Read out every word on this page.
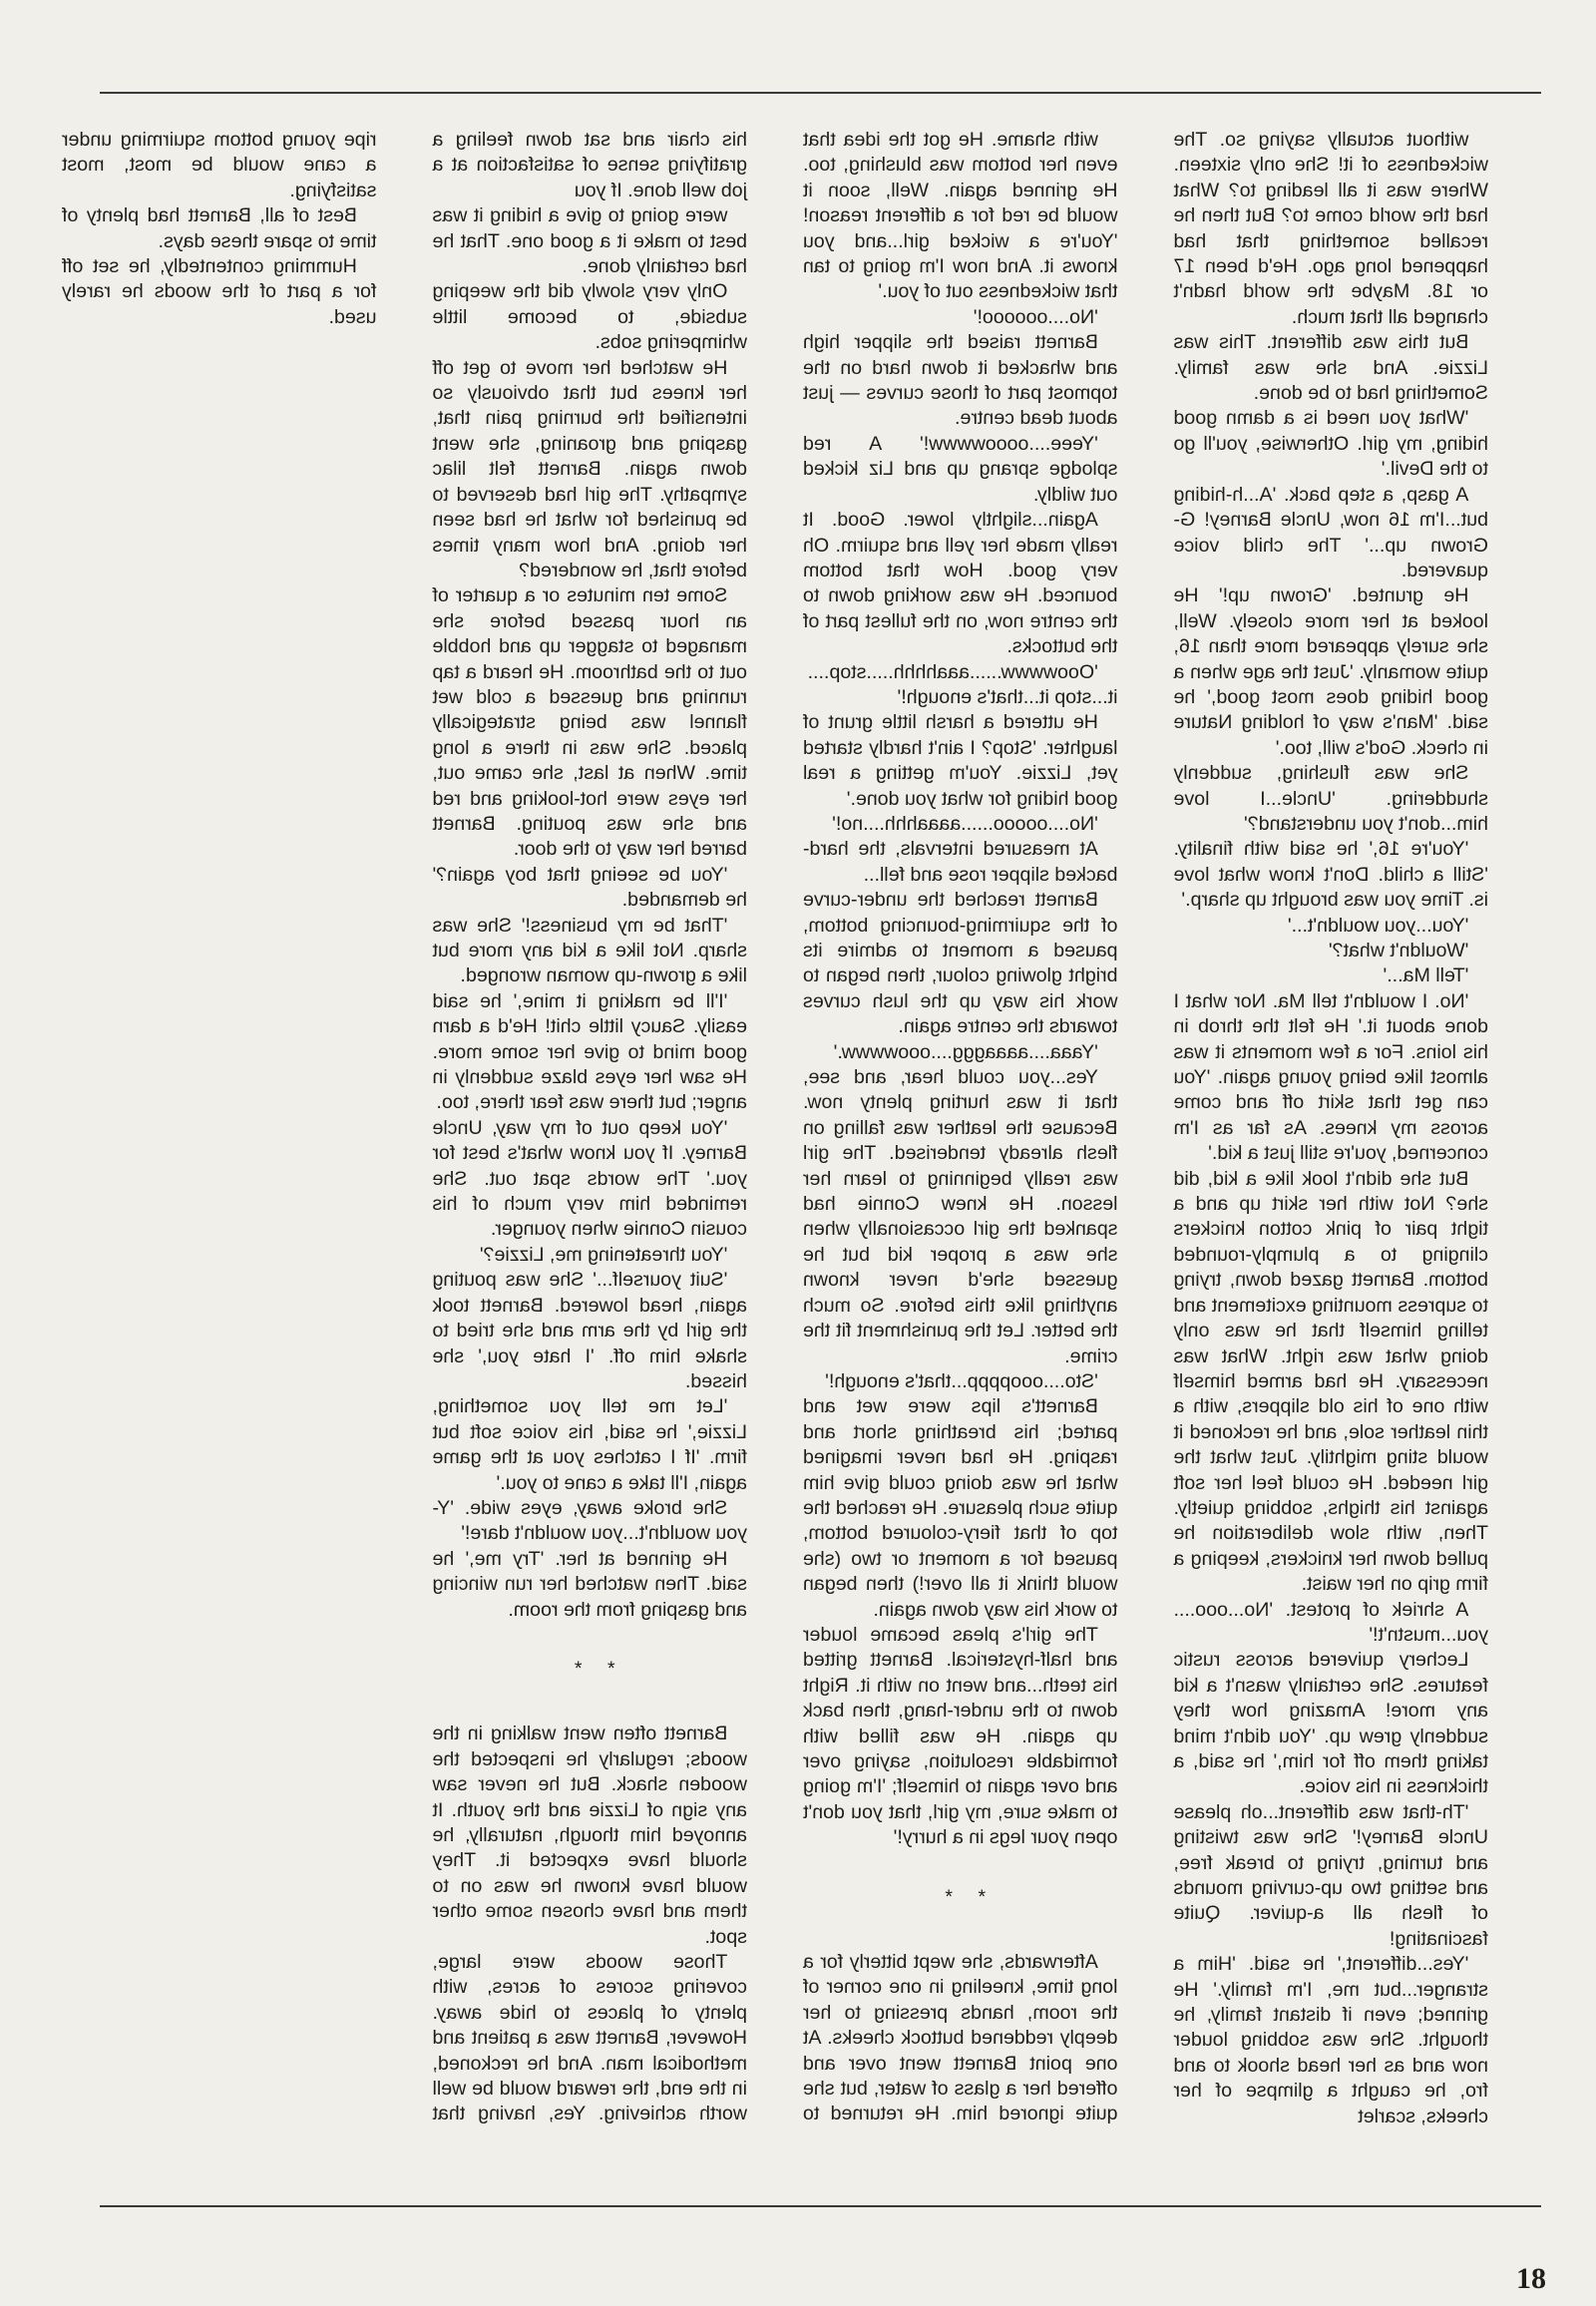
without actually saying so. The wickedness of it! She only sixteen. Where was it all leading to? What had the world come to? But then he recalled something that had happened long ago. He'd been 17 or 18. Maybe the world hadn't changed all that much.

But this was different. This was Lizzie. And she was family. Something had to be done.

'What you need is a damn good hiding, my girl. Otherwise, you'll go to the Devil.'

A gasp, a step back. 'A...h-hiding but...I'm 16 now, Uncle Barney! G-Grown up...' The child voice quavered.

He grunted. 'Grown up!' He looked at her more closely. Well, she surely appeared more than 16, quite womanly. 'Just the age when a good hiding does most good,' he said. 'Man's way of holding Nature in check. God's will, too.'

She was flushing, suddenly shuddering. 'Uncle...I love him...don't you understand?'

'You're 16,' he said with finality. 'Still a child. Don't know what love is. Time you was brought up sharp.'

'You...you wouldn't...'

'Wouldn't what?'

'Tell Ma...'

'No. I wouldn't tell Ma. Nor what I done about it.' He felt the throb in his loins. For a few moments it was almost like being young again. 'You can get that skirt off and come across my knees. As far as I'm concerned, you're still just a kid.'

But she didn't look like a kid, did she? Not with her skirt up and a tight pair of pink cotton knickers clinging to a plumply-rounded bottom. Barnett gazed down, trying to supress mounting excitement and telling himself that he was only doing what was right. What was necessary. He had armed himself with one of his old slippers, with a thin leather sole, and he reckoned it would sting mightily. Just what the girl needed. He could feel her soft against his thighs, sobbing quietly. Then, with slow deliberation he pulled down her knickers, keeping a firm grip on her waist.

A shriek of protest. 'No...ooo.... you...mustn't!'

Lechery quivered across rustic features. She certainly wasn't a kid any more! Amazing how they suddenly grew up. 'You didn't mind taking them off for him,' he said, a thickness in his voice.

'Th-that was different...oh please Uncle Barney!' She was twisting and turning, trying to break free, and setting two up-curving mounds of flesh all a-quiver. Quite fascinating!

'Yes...different,' he said. 'Him a stranger...but me, I'm family.' He grinned; even if distant family, he thought. She was sobbing louder now and as her head shook to and fro, he caught a glimpse of her cheeks, scarlet

with shame. He got the idea that even her bottom was blushing, too. He grinned again. Well, soon it would be red for a different reason! 'You're a wicked girl...and you knows it. And now I'm going to tan that wickedness out of you.'

'No....oooooo!'

Barnett raised the slipper high and whacked it down hard on the topmost part of those curves — just about dead centre.

'Yeee....oooowwww!' A red splodge sprang up and Liz kicked out wildly.

Again...slightly lower. Good. It really made her yell and squirm. Oh very good. How that bottom bounced. He was working down to the centre now, on the fullest part of the buttocks.

'Ooowwww......aaahhhh.....stop.... it...stop it...that's enough!'

He uttered a harsh little grunt of laughter. 'Stop? I ain't hardly started yet, Lizzie. You'm getting a real good hiding for what you done.'

'No....ooooo......aaaahhh....no!'

At measured intervals, the hard-backed slipper rose and fell...

Barnett reached the under-curve of the squirming-bouncing bottom, paused a moment to admire its bright glowing colour, then began to work his way up the lush curves towards the centre again.

'Yaaa....aaaaggg....ooowwww.'

Yes...you could hear, and see, that it was hurting plenty now. Because the leather was falling on flesh already tenderised. The girl was really beginning to learn her lesson. He knew Connie had spanked the girl occasionally when she was a proper kid but he guessed she'd never known anything like this before. So much the better. Let the punishment fit the crime.

'Sto....ooopppp...that's enough!'

Barnett's lips were wet and parted; his breathing short and rasping. He had never imagined what he was doing could give him quite such pleasure. He reached the top of that fiery-coloured bottom, paused for a moment or two (she would think it all over!) then began to work his way down again.

The girl's pleas became louder and half-hysterical. Barnett gritted his teeth...and went on with it. Right down to the under-hang, then back up again. He was filled with formidable resolution, saying over and over again to himself; 'I'm going to make sure, my girl, that you don't open your legs in a hurry!'

* *

Afterwards, she wept bitterly for a long time, kneeling in one corner of the room, hands pressing to her deeply reddened buttock cheeks. At one point Barnett went over and offered her a glass of water, but she quite ignored him. He returned to his chair and sat down feeling a gratifying sense of satisfaction at a job well done. If you

were going to give a hiding it was best to make it a good one. That he had certainly done.

Only very slowly did the weeping subside, to become little whimpering sobs.

He watched her move to get off her knees but that obviously so intensified the burning pain that, gasping and groaning, she went down again. Barnett felt lilac sympathy. The girl had deserved to be punished for what he had seen her doing. And how many times before that, he wondered?

Some ten minutes or a quarter of an hour passed before she managed to stagger up and hobble out to the bathroom. He heard a tap running and guessed a cold wet flannel was being strategically placed. She was in there a long time. When at last, she came out, her eyes were hot-looking and red and she was pouting. Barnett barred her way to the door.

'You be seeing that boy again?' he demanded.

'That be my business!' She was sharp. Not like a kid any more but like a grown-up woman wronged.

'I'll be making it mine,' he said easily. Saucy little chit! He'd a darn good mind to give her some more. He saw her eyes blaze suddenly in anger; but there was fear there, too.

'You keep out of my way, Uncle Barney. If you know what's best for you.' The words spat out. She reminded him very much of his cousin Connie when younger.

'You threatening me, Lizzie?'

'Suit yourself...' She was pouting again, head lowered. Barnett took the girl by the arm and she tried to shake him off. 'I hate you,' she hissed.

'Let me tell you something, Lizzie,' he said, his voice soft but firm. 'If I catches you at the game again, I'll take a cane to you.'

She broke away, eyes wide. 'Y-you wouldn't...you wouldn't dare!'

He grinned at her. 'Try me,' he said. Then watched her run wincing and gasping from the room.

* *

Barnett often went walking in the woods; regularly he inspected the wooden shack. But he never saw any sign of Lizzie and the youth. It annoyed him though, naturally, he should have expected it. They would have known he was on to them and have chosen some other spot.

Those woods were large, covering scores of acres, with plenty of places to hide away. However, Barnett was a patient and methodical man. And he reckoned, in the end, the reward would be well worth achieving. Yes, having that ripe young bottom squirming under a cane would be most, most satisfying.

Best of all, Barnett had plenty of time to spare these days.

Humming contentedly, he set off for a part of the woods he rarely used.

18
